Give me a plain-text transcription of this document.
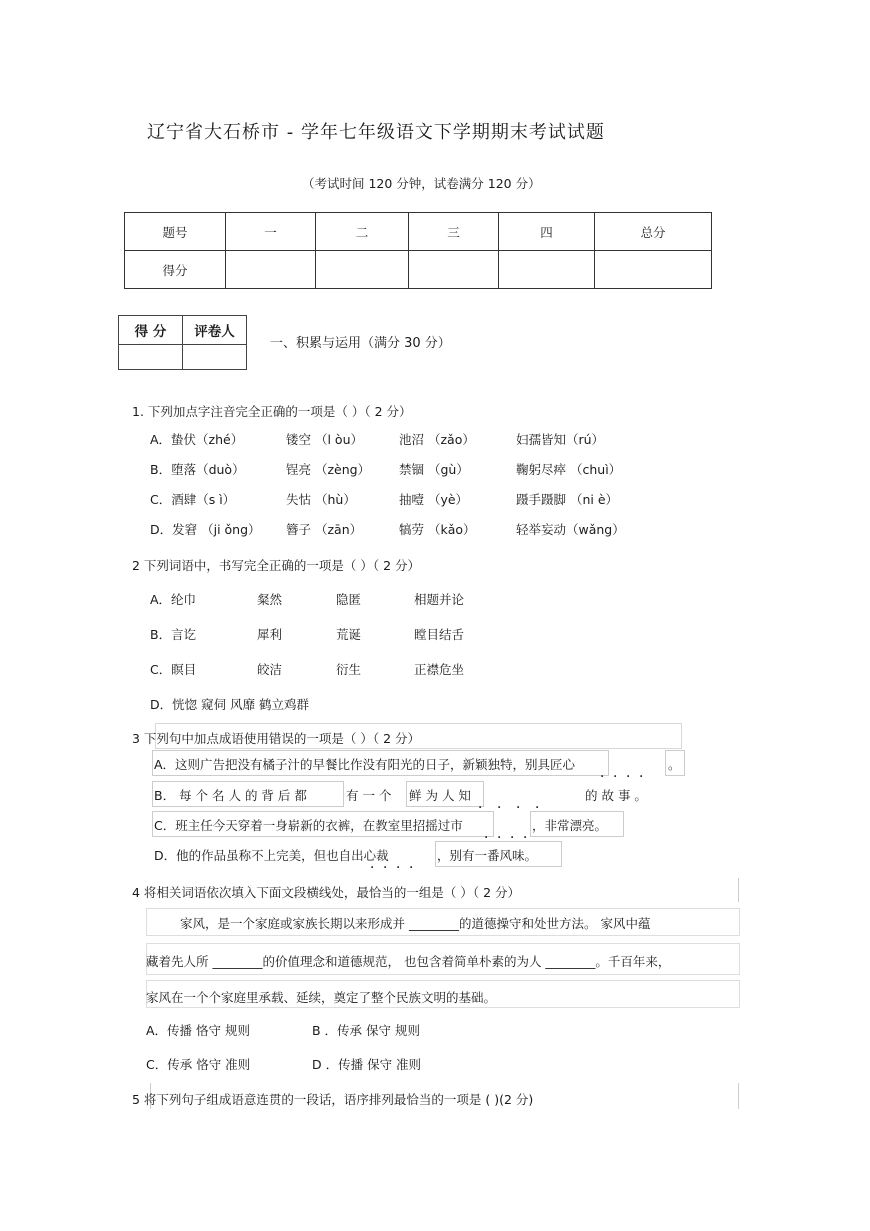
辽宁省大石桥市 - 学年七年级语文下学期期末考试试题
（考试时间 120 分钟，试卷满分 120 分）
题号	一	二	三	四	总分
得分					
得 分	评卷人

一、积累与运用（满分 30 分）
1. 下列加点字注音完全正确的一项是（ ）（ 2 分）
A．蛰伏（zhé）	镂空 （l òu）	池沼 （zǎo）	妇孺皆知（rú）
B．堕落（duò）	锃亮 （zèng） 禁锢 （gù）	鞠躬尽瘁 （chuì）
C．酒肆（s ì）	失怙 （hù）	抽噎 （yè）	蹑手蹑脚 （ni è）
D．发窘 （ji ǒng） 簪子 （zān）	犒劳 （kǎo）	轻举妄动（wǎng）
2 下列词语中，书写完全正确的一项是（ ）（ 2 分）
A．纶巾	粲然	隐匿	相题并论
B．言讫	犀利	荒诞	瞠目结舌
C．瞑目	皎洁	衍生	正襟危坐
D．恍惚 窥伺 风靡 鹤立鸡群
3 下列句中加点成语使用错误的一项是（ ）（ 2 分）
A．这则广告把没有橘子汁的早餐比作没有阳光的日子，新颖独特，别具匠心
．．．．
。
B． 每 个 名 人 的 背 后 都	有 一 个 鲜 为 人 知
．．．．
的 故 事 。
C．班主任今天穿着一身崭新的衣裤，在教室里招摇过市
．．．．
，非常漂亮。
D．他的作品虽称不上完美，但也自出心裁
．．．．
，别有一番风味。
4 将相关词语依次填入下面文段横线处，最恰当的一组是（ ）（ 2 分）
家风，是一个家庭或家族长期以来形成并 ________的道德操守和处世方法。 家风中蕴
藏着先人所 ________的价值理念和道德规范， 也包含着简单朴素的为人 ________。千百年来，
家风在一个个家庭里承载、延续，奠定了整个民族文明的基础。
A．传播 恪守 规则	B ．传承 保守 规则
C．传承 恪守 准则	D ．传播 保守 准则
5 将下列句子组成语意连贯的一段话，语序排列最恰当的一项是 ( )(2 分)
